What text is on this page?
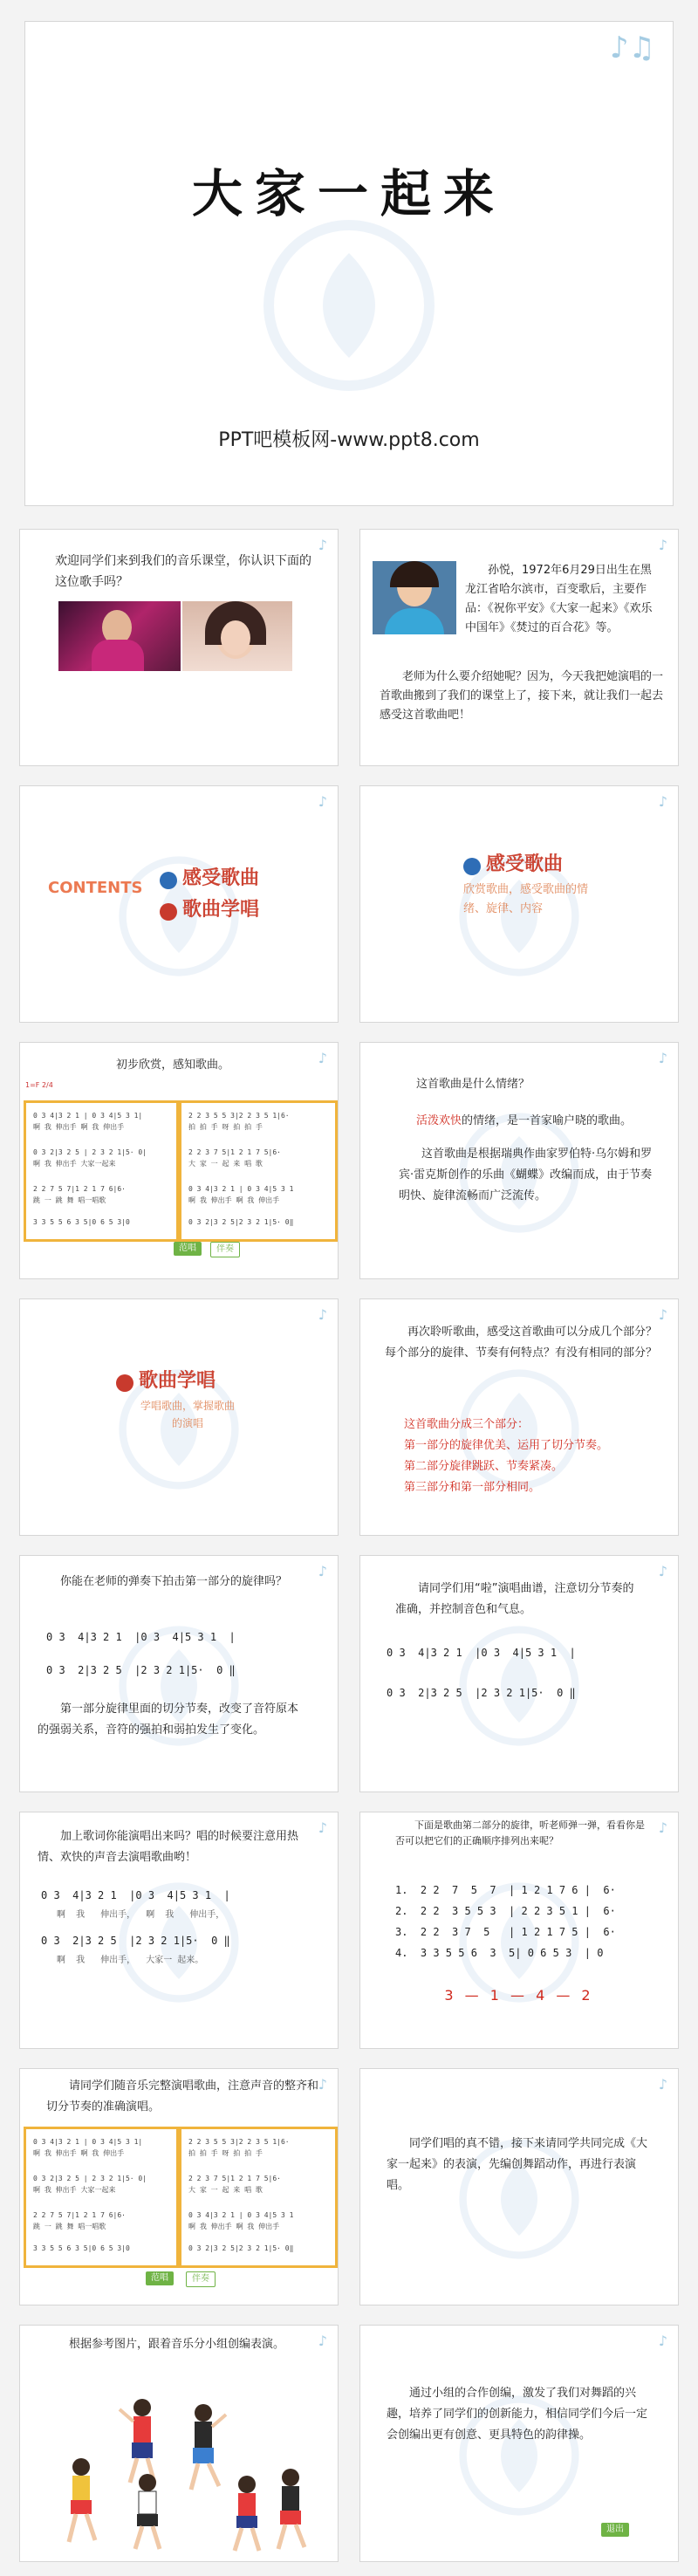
♪♫
大家一起来
PPT吧模板网-www.ppt8.com
♪
欢迎同学们来到我们的音乐课堂，你认识下面的这位歌手吗？
♪
孙悦，1972年6月29日出生在黑龙江省哈尔滨市，百变歌后，主要作品：《祝你平安》《大家一起来》《欢乐中国年》《焚过的百合花》等。
老师为什么要介绍她呢？因为，今天我把她演唱的一首歌曲搬到了我们的课堂上了，接下来，就让我们一起去感受这首歌曲吧！
♪
CONTENTS	感受歌曲
歌曲学唱
♪
感受歌曲
欣赏歌曲，感受歌曲的情绪、旋律、内容
♪
初步欣赏，感知歌曲。
1=F 2/4
0 3 4|3 2 1 | 0 3 4|5 3 1|
啊 我 伸出手 啊 我 伸出手
0 3 2|3 2 5 | 2 3 2 1|5· 0|
啊 我 伸出手 大家一起来
2 2 7 5 7|1 2 1 7 6|6·
跳 一 跳 舞 唱一唱歌
3 3 5 5 6 3 5|0 6 5 3|0
2 2 3 5 5 3|2 2 3 5 1|6·
拍 拍 手 呀 拍 拍 手
2 2 3 7 5|1 2 1 7 5|6·
大 家 一 起 来 唱 歌
0 3 4|3 2 1 | 0 3 4|5 3 1
啊 我 伸出手 啊 我 伸出手
0 3 2|3 2 5|2 3 2 1|5· 0‖
范唱	伴奏
♪
这首歌曲是什么情绪？
活泼欢快的情绪，是一首家喻户晓的歌曲。
这首歌曲是根据瑞典作曲家罗伯特·乌尔姆和罗宾·雷克斯创作的乐曲《蝴蝶》改编而成，由于节奏明快、旋律流畅而广泛流传。
♪
歌曲学唱
学唱歌曲，掌握歌曲的演唱
♪
再次聆听歌曲，感受这首歌曲可以分成几个部分？每个部分的旋律、节奏有何特点？有没有相同的部分？
这首歌曲分成三个部分：
第一部分的旋律优美、运用了切分节奏。
第二部分旋律跳跃、节奏紧凑。
第三部分和第一部分相同。
♪
你能在老师的弹奏下拍击第一部分的旋律吗？
0 3  4|3 2 1  |0 3  4|5 3 1  |
0 3  2|3 2 5  |2 3 2 1|5·  0 ‖
第一部分旋律里面的切分节奏，改变了音符原本的强弱关系，音符的强拍和弱拍发生了变化。
♪
请同学们用“啦”演唱曲谱，注意切分节奏的准确，并控制音色和气息。
0 3  4|3 2 1  |0 3  4|5 3 1  |
0 3  2|3 2 5  |2 3 2 1|5·  0 ‖
♪
加上歌词你能演唱出来吗？唱的时候要注意用热情、欢快的声音去演唱歌曲哟！
0 3  4|3 2 1  |0 3  4|5 3 1  |
啊  我   伸出手，  啊  我   伸出手，
0 3  2|3 2 5  |2 3 2 1|5·  0 ‖
啊  我   伸出手，  大家一 起来。
♪
下面是歌曲第二部分的旋律，听老师弹一弹，看看你是否可以把它们的正确顺序排列出来呢？
1.  2 2  7  5  7  | 1 2 1 7 6 |  6·
2.  2 2  3 5 5 3  | 2 2 3 5 1 |  6·
3.  2 2  3 7  5   | 1 2 1 7 5 |  6·
4.  3 3 5 5 6  3  5| 0 6 5 3  | 0
3 — 1 — 4 — 2
♪
请同学们随音乐完整演唱歌曲，注意声音的整齐和切分节奏的准确演唱。
0 3 4|3 2 1 | 0 3 4|5 3 1|
啊 我 伸出手 啊 我 伸出手
0 3 2|3 2 5 | 2 3 2 1|5· 0|
啊 我 伸出手 大家一起来
2 2 7 5 7|1 2 1 7 6|6·
跳 一 跳 舞 唱一唱歌
3 3 5 5 6 3 5|0 6 5 3|0
2 2 3 5 5 3|2 2 3 5 1|6·
拍 拍 手 呀 拍 拍 手
2 2 3 7 5|1 2 1 7 5|6·
大 家 一 起 来 唱 歌
0 3 4|3 2 1 | 0 3 4|5 3 1
啊 我 伸出手 啊 我 伸出手
0 3 2|3 2 5|2 3 2 1|5· 0‖
范唱	伴奏
♪
同学们唱的真不错，接下来请同学共同完成《大家一起来》的表演，先编创舞蹈动作，再进行表演唱。
♪
根据参考图片，跟着音乐分小组创编表演。	♪
通过小组的合作创编，激发了我们对舞蹈的兴趣，培养了同学们的创新能力，相信同学们今后一定会创编出更有创意、更具特色的韵律操。
退出
